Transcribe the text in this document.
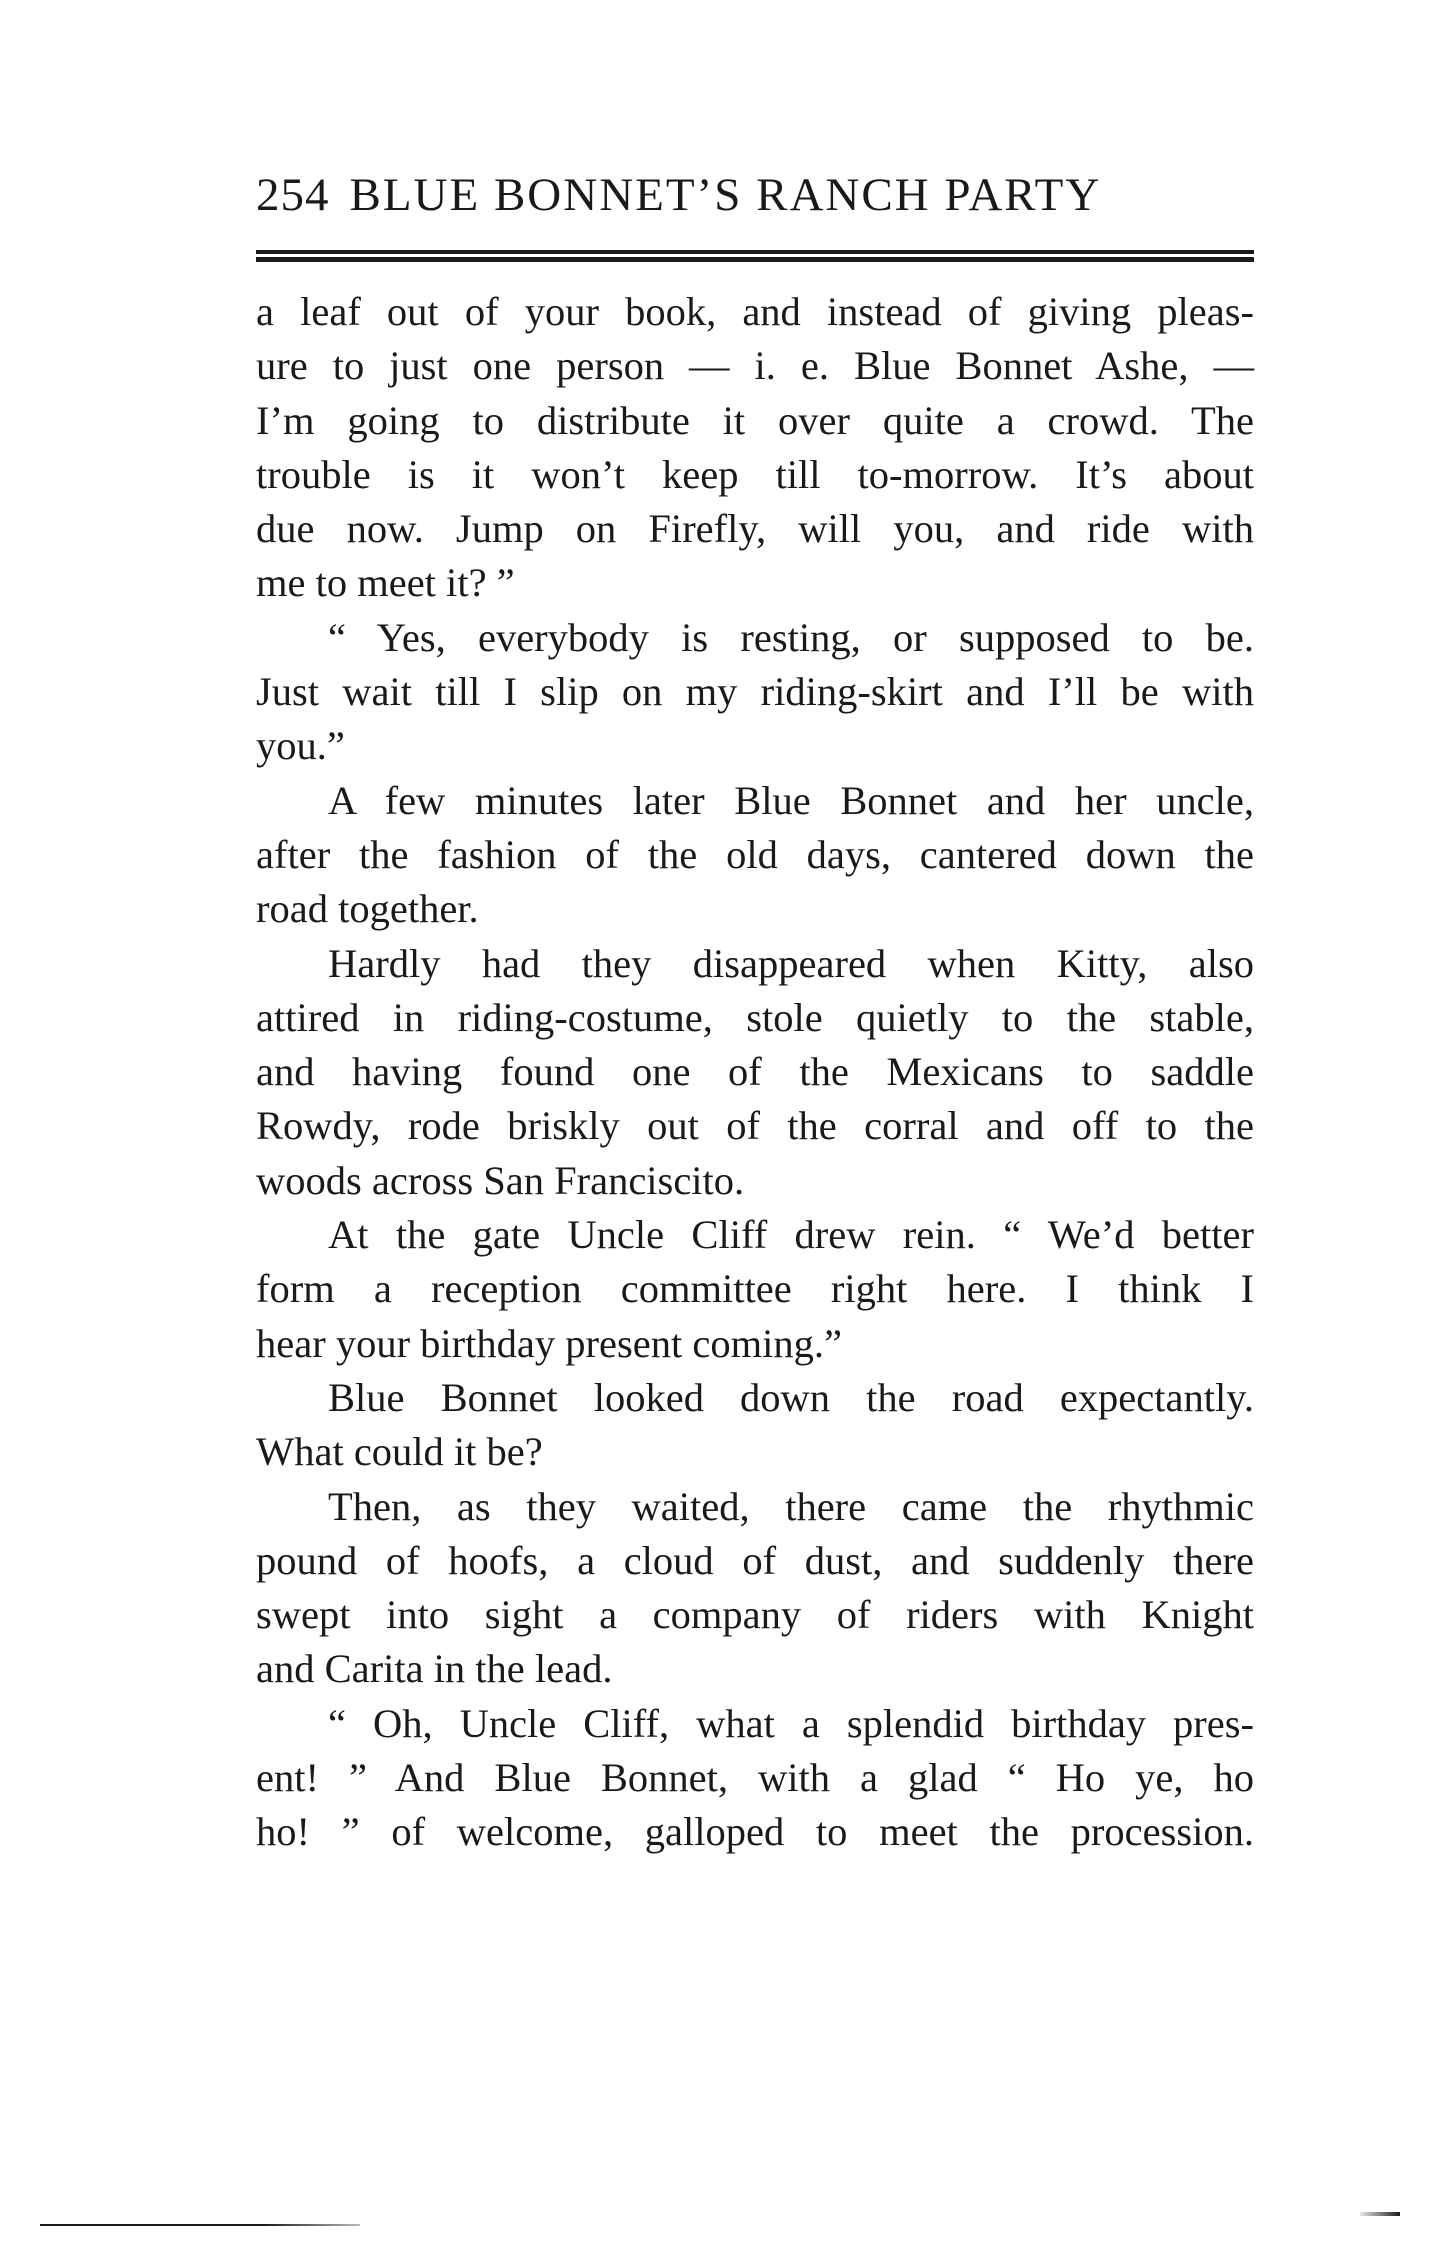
254 BLUE BONNET’S RANCH PARTY
a leaf out of your book, and instead of giving pleas-
ure to just one person — i. e. Blue Bonnet Ashe, —
I’m going to distribute it over quite a crowd. The
trouble is it won’t keep till to-morrow. It’s about
due now. Jump on Firefly, will you, and ride with
me to meet it? ”
“ Yes, everybody is resting, or supposed to be.
Just wait till I slip on my riding-skirt and I’ll be with
you.”
A few minutes later Blue Bonnet and her uncle,
after the fashion of the old days, cantered down the
road together.
Hardly had they disappeared when Kitty, also
attired in riding-costume, stole quietly to the stable,
and having found one of the Mexicans to saddle
Rowdy, rode briskly out of the corral and off to the
woods across San Franciscito.
At the gate Uncle Cliff drew rein. “ We’d better
form a reception committee right here. I think I
hear your birthday present coming.”
Blue Bonnet looked down the road expectantly.
What could it be?
Then, as they waited, there came the rhythmic
pound of hoofs, a cloud of dust, and suddenly there
swept into sight a company of riders with Knight
and Carita in the lead.
“ Oh, Uncle Cliff, what a splendid birthday pres-
ent! ” And Blue Bonnet, with a glad “ Ho ye, ho
ho! ” of welcome, galloped to meet the procession.
